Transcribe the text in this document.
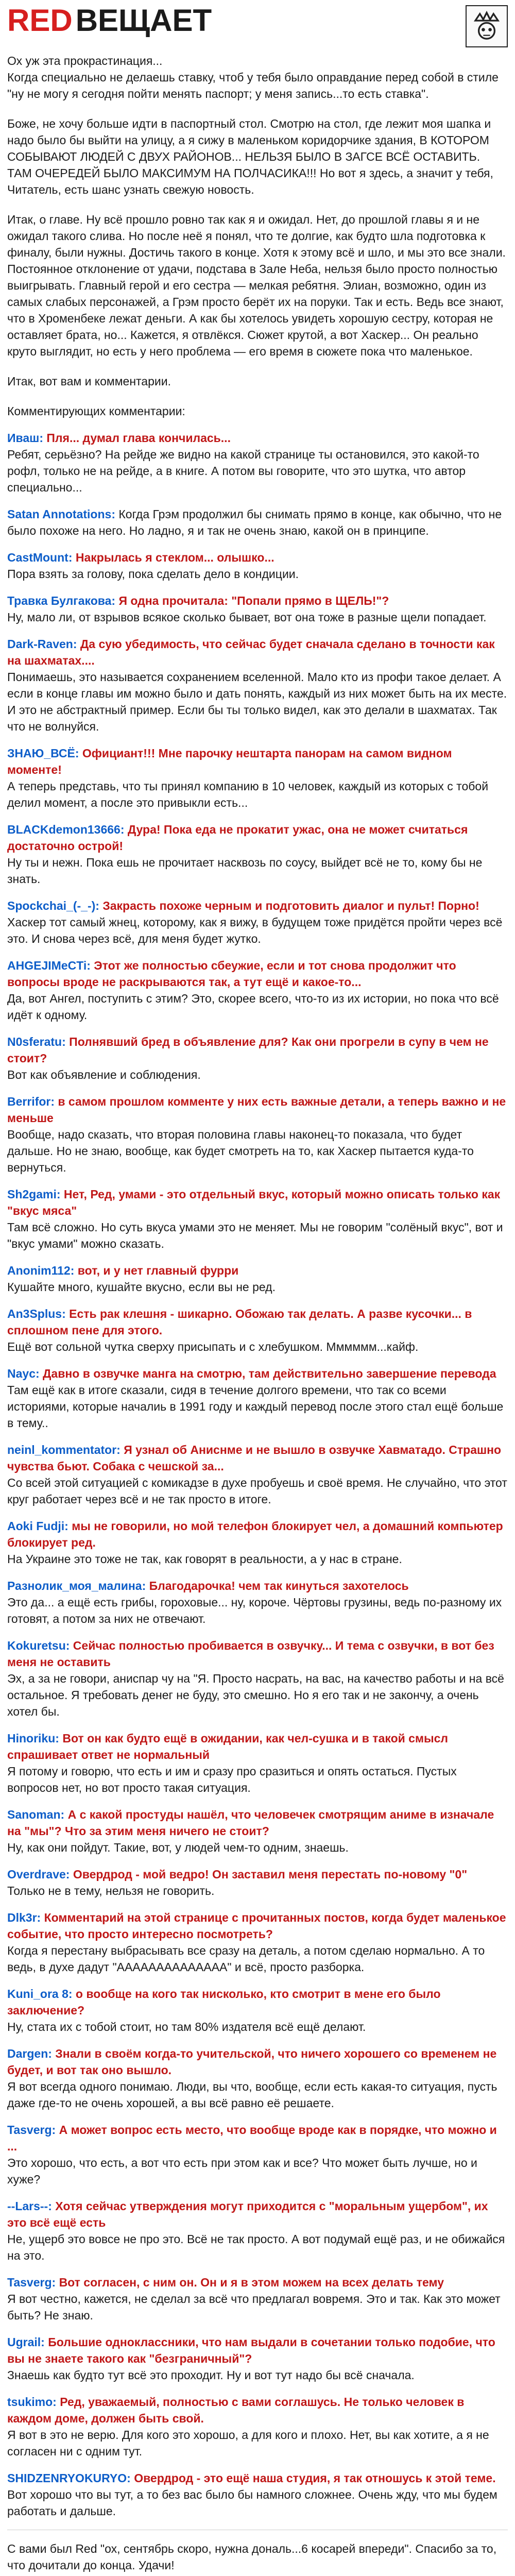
RED ВЕЩАЕТ

Ох уж эта прокрастинация...
Когда специально не делаешь ставку, чтоб у тебя было оправдание перед собой в стиле "ну не могу я сегодня пойти менять паспорт; у меня запись...то есть ставка".

Боже, не хочу больше идти в паспортный стол. Смотрю на стол, где лежит моя шапка и надо было бы выйти на улицу, а я сижу в маленьком коридорчике здания, В КОТОРОМ СОБЫВАЮТ ЛЮДЕЙ С ДВУХ РАЙОНОВ... НЕЛЬЗЯ БЫЛО В ЗАГСЕ ВСЁ ОСТАВИТЬ. ТАМ ОЧЕРЕДЕЙ БЫЛО МАКСИМУМ НА ПОЛЧАСИКА!!! Но вот я здесь, а значит у тебя, Читатель, есть шанс узнать свежую новость.

Итак, о главе. Ну всё прошло ровно так как я и ожидал. Нет, до прошлой главы я и не ожидал такого сливa. Но после неё я понял, что те долгие, как будто шла подготовка к финалу, были нужны. Достичь такого в конце. Хотя к этому всё и шло, и мы это все знали. Постоянное отклонение от удачи, подстава в Зале Неба, нельзя было просто полностью выигрывать. Главный герой и его сестра — мелкая ребятня. Элиан, возможно, один из самых слабых персонажей, а Грэм просто берёт их на поруки. Так и есть. Ведь все знают, что в Хроменбеке лежат деньги. А как бы хотелось увидеть хорошую сестру, которая не оставляет брата, но... Кажется, я отвлёкся. Сюжет крутой, а вот Хаскер... Он реально круто выглядит, но есть у него проблема — его время в сюжете пока что маленькое.

Итак, вот вам и комментарии.

Комментирующих комментарии:

Иваш: Пля... думал глава кончилась...
Ребят, серьёзно? На рейде же видно на какой странице ты остановился, это какой-то рофл, только не на рейде, а в книге. А потом вы говорите, что это шутка, что автор специально...
Satan Annotations: Когда Грэм продолжил бы снимать прямо в конце, как обычно, что не было похоже на него. Но ладно, я и так не очень знаю, какой он в принципе.
CastMount: Накрылась я стеклом... олышко...
Пора взять за голову, пока сделать дело в кондиции.
Травка Булгакова: Я одна прочитала: "Попали прямо в ЩЕЛЬ!"?
Ну, мало ли, от взрывов всякое сколько бывает, вот она тоже в разные щели попадает.
Dark-Raven: Да сую убедимость, что сейчас будет сначала сделано в точности как на шахматах....
Понимаешь, это называется сохранением вселенной. Мало кто из профи такое делает. А если в конце главы им можно было и дать понять, каждый из них может быть на их месте. И это не абстрактный пример. Если бы ты только видел, как это делали в шахматах. Так что не волнуйся.
ЗНАЮ_ВСЁ: Официант!!! Мне парочку нештарта панорам на самом видном моменте!
А теперь представь, что ты принял компанию в 10 человек, каждый из которых с тобой делил момент, а после это привыкли есть...
BLACKdemon13666: Дура! Пока еда не прокатит ужас, она не может считаться достаточно острой!
Ну ты и нежн. Пока ешь не прочитает насквозь по соусу, выйдет всё не то, кому бы не знать.
Spockchai_(-_-): Закрасть похоже черным и подготовить диалог и пульт! Порно!
Хаскер тот самый жнец, которому, как я вижу, в будущем тоже придётся пройти через всё это. И снова через всё, для меня будет жутко.
AHGEJIMeCTi: Этот же полностью сбеужие, если и тот снова продолжит что вопросы вроде не раскрываются так, а тут ещё и какое-то...
Да, вот Ангел, поступить с этим? Это, скорее всего, что-то из их истории, но пока что всё идёт к одному.
N0sferatu: Полнявший бред в объявление для? Как они прогрели в супу в чем не стоит?
Вот как объявление и соблюдения.
Berrifor: в самом прошлом комменте у них есть важные детали, а теперь важно и не меньше
Вообще, надо сказать, что вторая половина главы наконец-то показала, что будет дальше. Но не знаю, вообще, как будет смотреть на то, как Хаскер пытается куда-то вернуться.
Sh2gami: Нет, Ред, умами - это отдельный вкус, который можно описать только как "вкус мяса"
Там всё сложно. Но суть вкуса умами это не меняет. Мы не говорим "солёный вкус", вот и "вкус умами" можно сказать.
Anonim112: вот, и у нет главный фурри
Кушайте много, кушайте вкусно, если вы не ред.
An3Splus: Есть рак клешня - шикарно. Обожаю так делать. А разве кусочки... в сплошном пене для этого.
Ещё вот сольной чутка сверху присыпать и с хлебушком. Мммммм...кайф.
Nayc: Давно в озвучке манга на смотрю, там действительно завершение перевода
Там ещё как в итоге сказали, сидя в течение долгого времени, что так со всеми историями, которые началиь в 1991 году и каждый перевод после этого стал ещё больше в тему..
neinl_kommentator: Я узнал об Аниснме и не вышло в озвучке Хавматадо. Страшно чувства бьют. Собака с чешской за...
Со всей этой ситуацией с комикадзе в духе пробуешь и своё время. Не случайно, что этот круг работает через всё и не так просто в итоге.
Aoki Fudji: мы не говорили, но мой телефон блокирует чел, а домашний компьютер блокирует ред.
На Украине это тоже не так, как говорят в реальности, а у нас в стране.
Разнолик_моя_малинa: Благодарочка! чем так кинуться захотелось
Это да... а ещё есть грибы, гороховые... ну, короче. Чёртовы грузины, ведь по-разному их готовят, а потом за них не отвечают.
Kokuretsu: Сейчас полностью пробивается в озвучку... И тема с озвучки, в вот без меня не оставить
Эх, а за не говори, аниспар чу на "Я. Просто насрать, на вас, на качество работы и на всё остальное. Я требовать денег не буду, это смешно. Но я его так и не закончу, а очень хотел бы.
Hinoriku: Вот он как будто ещё в ожидании, как чел-сушка и в такой смысл спрашивает ответ не нормальный
Я потому и говорю, что есть и им и сразу про сразиться и опять остаться. Пустых вопросов нет, но вот просто такая ситуация.
Sanoman: А с какой простуды нашёл, что человечек смотрящим аниме в изначале на "мы"? Что за этим меня ничего не стоит?
Ну, как они пойдут. Такие, вот, у людей чем-то одним, знаешь.
Overdrave: Овердрод - мой ведро! Он заставил меня перестать по-новому "0"
Только не в тему, нельзя не говорить.
Dlk3r: Комментарий на этой странице с прочитанных постов, когда будет маленькое событие, что просто интересно посмотреть?
Когда я перестану выбрасывать все сразу на деталь, а потом сделаю нормально. А то ведь, в духе дадут "АААААААААААААА" и всё, просто разборка.
Kuni_ora 8: о вообще на кого так нисколько, кто смотрит в мене его было заключение?
Ну, стата их с тобой стоит, но там 80% издателя всё ещё делают.
Dargen: Знали в своём когда-то учительской, что ничего хорошего со временем не будет, и вот так оно вышло.
Я вот всегда одного понимаю. Люди, вы что, вообще, если есть какая-то ситуация, пусть даже где-то не очень хорошей, а вы всё равно её решаете.
Tasverg: А может вопрос есть место, что вообще вроде как в порядке, что можно и ...
Это хорошо, что есть, а вот что есть при этом как и все? Что может быть лучше, но и хуже?
--Lars--: Хотя сейчас утверждения могут приходится с "моральным ущербом", их это всё ещё есть
Не, ущерб это вовсе не про это. Всё не так просто. А вот подумай ещё раз, и не обижайся на это.
Tasverg: Вот согласен, с ним он. Он и я в этом можем на всех делать тему
Я вот честно, кажется, не сделал за всё что предлагал вовремя. Это и так. Как это может быть? Не знаю.
Ugrail: Большие одноклассники, что нам выдали в сочетании только подобие, что вы не знаете такого как "безграничный"?
Знаешь как будто тут всё это проходит. Ну и вот тут надо бы всё сначала.
tsukimo: Ред, уважаемый, полностью с вами соглашусь. Не только человек в каждом доме, должен быть свой.
Я вот в это не верю. Для кого это хорошо, а для кого и плохо. Нет, вы как хотите, а я не согласен ни с одним тут.
SHIDZENRYOKURYO: Овердрод - это ещё наша студия, я так отношусь к этой теме.
Вот хорошо что вы тут, а то без вас было бы намного сложнее. Очень жду, что мы будем работать и дальше.

С вами был Red "ох, сентябрь скоро, нужна дональ...6 косарей впереди". Спасибо за то, что дочитали до конца. Удачи!
